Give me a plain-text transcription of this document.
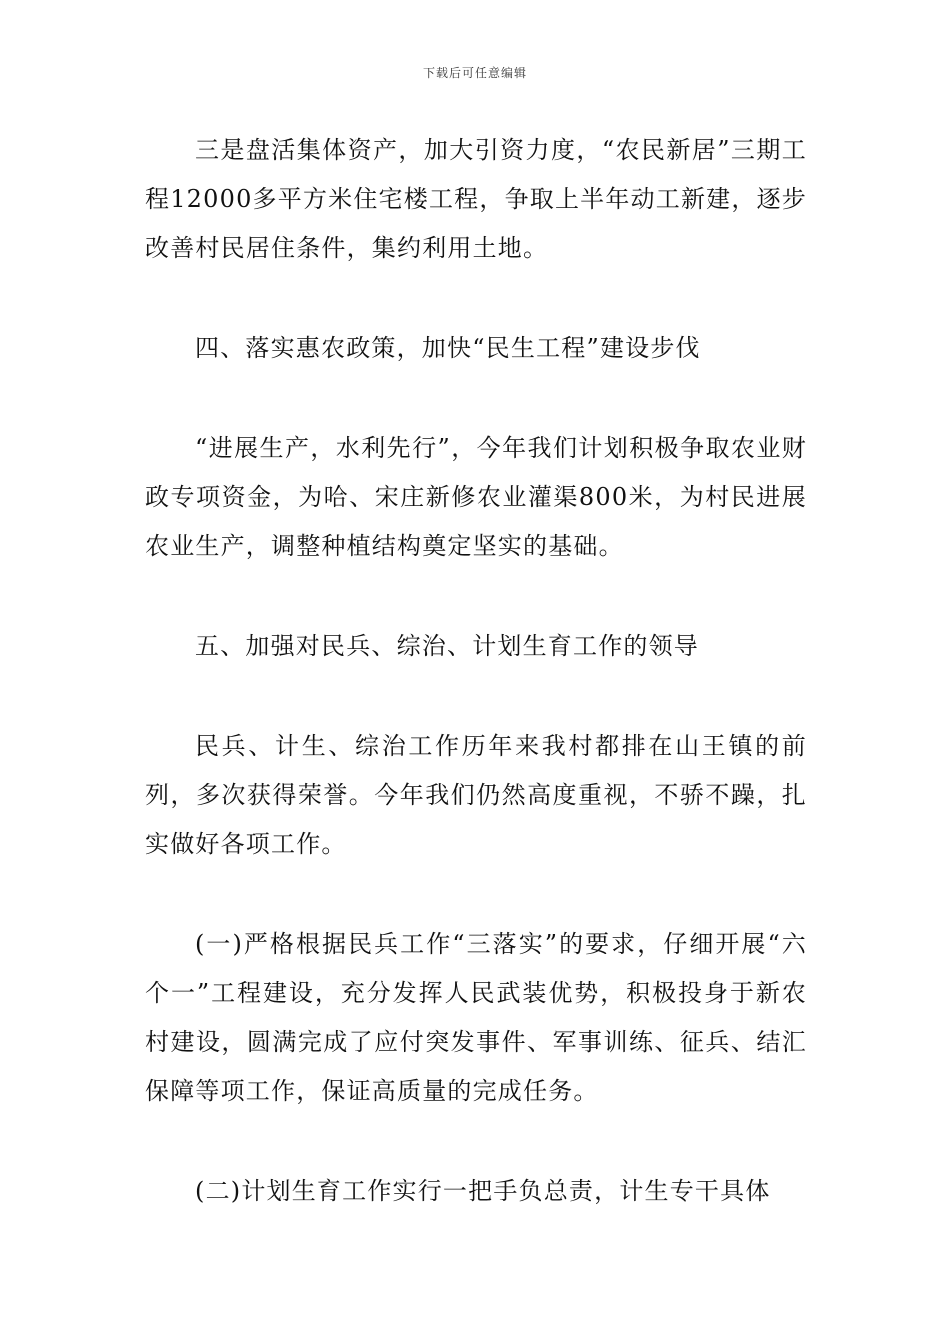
下载后可任意编辑

三是盘活集体资产，加大引资力度，“农民新居”三期工程12000多平方米住宅楼工程，争取上半年动工新建，逐步改善村民居住条件，集约利用土地。

四、落实惠农政策，加快“民生工程”建设步伐

“进展生产，水利先行”，今年我们计划积极争取农业财政专项资金，为哈、宋庄新修农业灌渠800米，为村民进展农业生产，调整种植结构奠定坚实的基础。

五、加强对民兵、综治、计划生育工作的领导

民兵、计生、综治工作历年来我村都排在山王镇的前列，多次获得荣誉。今年我们仍然高度重视，不骄不躁，扎实做好各项工作。

(一)严格根据民兵工作“三落实”的要求，仔细开展“六个一”工程建设，充分发挥人民武装优势，积极投身于新农村建设，圆满完成了应付突发事件、军事训练、征兵、结汇保障等项工作，保证高质量的完成任务。

(二)计划生育工作实行一把手负总责，计生专干具体
